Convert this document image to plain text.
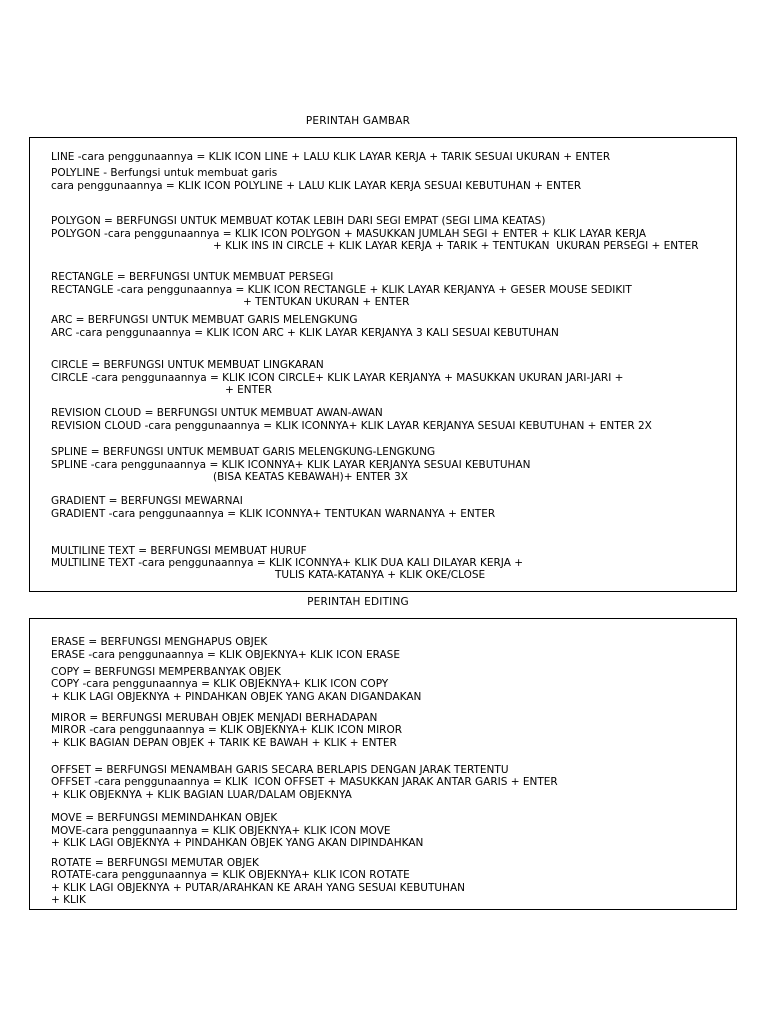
PERINTAH GAMBAR
PERINTAH EDITING
LINE -cara penggunaannya = KLIK ICON LINE + LALU KLIK LAYAR KERJA + TARIK SESUAI UKURAN + ENTER
POLYLINE - Berfungsi untuk membuat garis
cara penggunaannya = KLIK ICON POLYLINE + LALU KLIK LAYAR KERJA SESUAI KEBUTUHAN + ENTER
POLYGON = BERFUNGSI UNTUK MEMBUAT KOTAK LEBIH DARI SEGI EMPAT (SEGI LIMA KEATAS)
POLYGON -cara penggunaannya = KLIK ICON POLYGON + MASUKKAN JUMLAH SEGI + ENTER + KLIK LAYAR KERJA
+ KLIK INS IN CIRCLE + KLIK LAYAR KERJA + TARIK + TENTUKAN  UKURAN PERSEGI + ENTER
RECTANGLE = BERFUNGSI UNTUK MEMBUAT PERSEGI
RECTANGLE -cara penggunaannya = KLIK ICON RECTANGLE + KLIK LAYAR KERJANYA + GESER MOUSE SEDIKIT
+ TENTUKAN UKURAN + ENTER
ARC = BERFUNGSI UNTUK MEMBUAT GARIS MELENGKUNG
ARC -cara penggunaannya = KLIK ICON ARC + KLIK LAYAR KERJANYA 3 KALI SESUAI KEBUTUHAN
CIRCLE = BERFUNGSI UNTUK MEMBUAT LINGKARAN
CIRCLE -cara penggunaannya = KLIK ICON CIRCLE+ KLIK LAYAR KERJANYA + MASUKKAN UKURAN JARI-JARI +
+ ENTER
REVISION CLOUD = BERFUNGSI UNTUK MEMBUAT AWAN-AWAN
REVISION CLOUD -cara penggunaannya = KLIK ICONNYA+ KLIK LAYAR KERJANYA SESUAI KEBUTUHAN + ENTER 2X
SPLINE = BERFUNGSI UNTUK MEMBUAT GARIS MELENGKUNG-LENGKUNG
SPLINE -cara penggunaannya = KLIK ICONNYA+ KLIK LAYAR KERJANYA SESUAI KEBUTUHAN
(BISA KEATAS KEBAWAH)+ ENTER 3X
GRADIENT = BERFUNGSI MEWARNAI
GRADIENT -cara penggunaannya = KLIK ICONNYA+ TENTUKAN WARNANYA + ENTER
MULTILINE TEXT = BERFUNGSI MEMBUAT HURUF
MULTILINE TEXT -cara penggunaannya = KLIK ICONNYA+ KLIK DUA KALI DILAYAR KERJA +
TULIS KATA-KATANYA + KLIK OKE/CLOSE
ERASE = BERFUNGSI MENGHAPUS OBJEK
ERASE -cara penggunaannya = KLIK OBJEKNYA+ KLIK ICON ERASE
COPY = BERFUNGSI MEMPERBANYAK OBJEK
COPY -cara penggunaannya = KLIK OBJEKNYA+ KLIK ICON COPY
+ KLIK LAGI OBJEKNYA + PINDAHKAN OBJEK YANG AKAN DIGANDAKAN
MIROR = BERFUNGSI MERUBAH OBJEK MENJADI BERHADAPAN
MIROR -cara penggunaannya = KLIK OBJEKNYA+ KLIK ICON MIROR
+ KLIK BAGIAN DEPAN OBJEK + TARIK KE BAWAH + KLIK + ENTER
OFFSET = BERFUNGSI MENAMBAH GARIS SECARA BERLAPIS DENGAN JARAK TERTENTU
OFFSET -cara penggunaannya = KLIK  ICON OFFSET + MASUKKAN JARAK ANTAR GARIS + ENTER
+ KLIK OBJEKNYA + KLIK BAGIAN LUAR/DALAM OBJEKNYA
MOVE = BERFUNGSI MEMINDAHKAN OBJEK
MOVE-cara penggunaannya = KLIK OBJEKNYA+ KLIK ICON MOVE
+ KLIK LAGI OBJEKNYA + PINDAHKAN OBJEK YANG AKAN DIPINDAHKAN
ROTATE = BERFUNGSI MEMUTAR OBJEK
ROTATE-cara penggunaannya = KLIK OBJEKNYA+ KLIK ICON ROTATE
+ KLIK LAGI OBJEKNYA + PUTAR/ARAHKAN KE ARAH YANG SESUAI KEBUTUHAN
+ KLIK
